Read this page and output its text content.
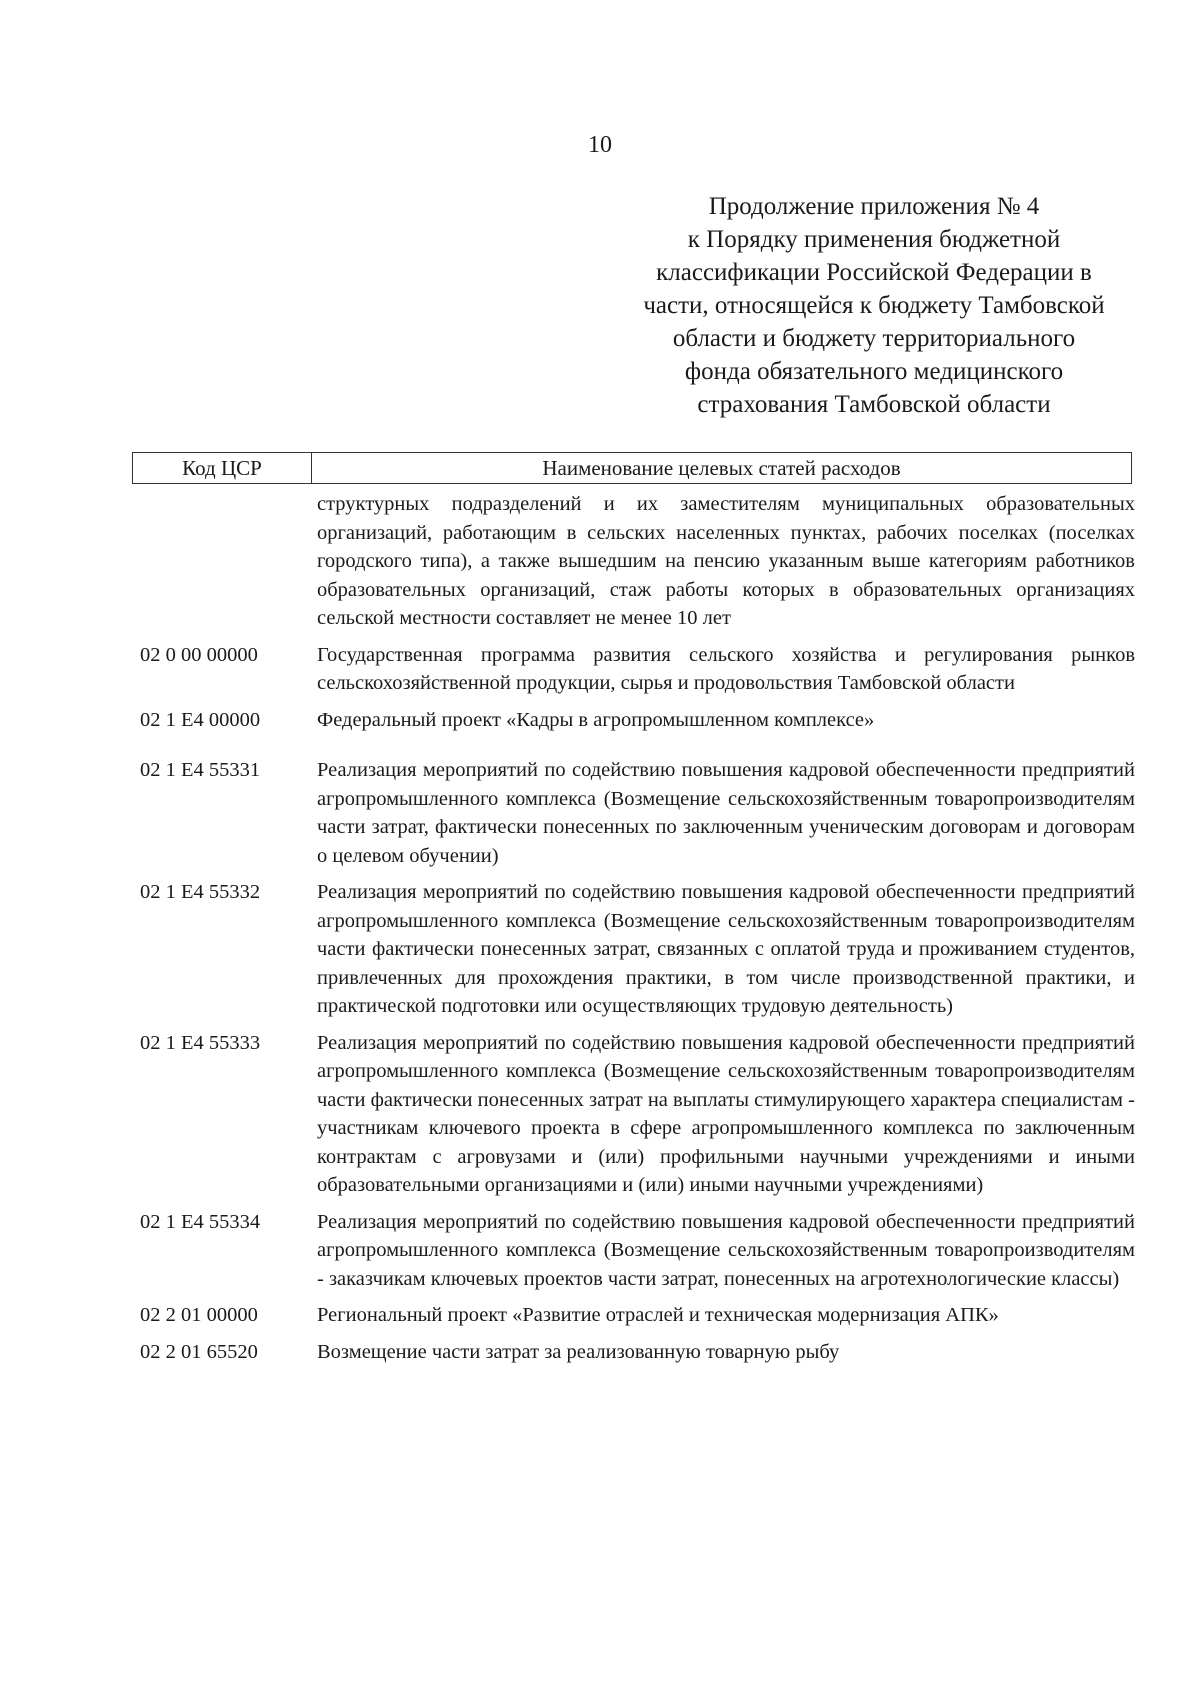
10
Продолжение приложения № 4
к Порядку применения бюджетной
классификации Российской Федерации в
части, относящейся к бюджету Тамбовской
области и бюджету территориального
фонда обязательного медицинского
страхования Тамбовской области
Код ЦСР	Наименование целевых статей расходов
структурных подразделений и их заместителям муниципальных образовательных организаций, работающим в сельских населенных пунктах, рабочих поселках (поселках городского типа), а также вышедшим на пенсию указанным выше категориям работников образовательных организаций, стаж работы которых в образовательных организациях сельской местности составляет не менее 10 лет
02 0 00 00000	Государственная программа развития сельского хозяйства и регулирования рынков сельскохозяйственной продукции, сырья и продовольствия Тамбовской области
02 1 Е4 00000	Федеральный проект «Кадры в агропромышленном комплексе»
02 1 Е4 55331	Реализация мероприятий по содействию повышения кадровой обеспеченности предприятий агропромышленного комплекса (Возмещение сельскохозяйственным товаропроизводителям части затрат, фактически понесенных по заключенным ученическим договорам и договорам о целевом обучении)
02 1 Е4 55332	Реализация мероприятий по содействию повышения кадровой обеспеченности предприятий агропромышленного комплекса (Возмещение сельскохозяйственным товаропроизводителям части фактически понесенных затрат, связанных с оплатой труда и проживанием студентов, привлеченных для прохождения практики, в том числе производственной практики, и практической подготовки или осуществляющих трудовую деятельность)
02 1 Е4 55333	Реализация мероприятий по содействию повышения кадровой обеспеченности предприятий агропромышленного комплекса (Возмещение сельскохозяйственным товаропроизводителям части фактически понесенных затрат на выплаты стимулирующего характера специалистам - участникам ключевого проекта в сфере агропромышленного комплекса по заключенным контрактам с агровузами и (или) профильными научными учреждениями и иными образовательными организациями и (или) иными научными учреждениями)
02 1 Е4 55334	Реализация мероприятий по содействию повышения кадровой обеспеченности предприятий агропромышленного комплекса (Возмещение сельскохозяйственным товаропроизводителям - заказчикам ключевых проектов части затрат, понесенных на агротехнологические классы)
02 2 01 00000	Региональный проект «Развитие отраслей и техническая модернизация АПК»
02 2 01 65520	Возмещение части затрат за реализованную товарную рыбу
